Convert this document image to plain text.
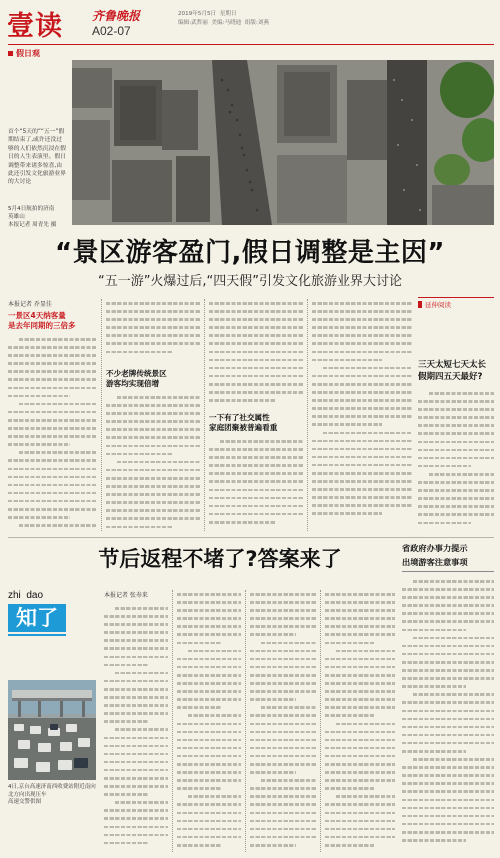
壹读 齐鲁晚报
A02-07
2019年5月5日  星期日
编辑:武哲丽  美编:马晓迪  组版:刘燕
假日观
首个“5天的”“五一”假期结束了,或许还没过够的人们依然沉浸在假日的人生表演里。假日调整带来诸多惊喜,由此还引发文化旅游业界的大讨论
5月4日航拍的济南
英雄山
本报记者 周青先 摄
“景区游客盈门,假日调整是主因”
“五一游”火爆过后,“四天假”引发文化旅游业界大讨论
本报记者 乔显佳
一景区4天纳客量
是去年同期的三倍多
不少老牌传统景区
游客均实现倍增
一下有了社交属性
家庭团聚被普遍看重
延伸阅读
三天太短七天太长
假期四五天最好?
节后返程不堵了?答案来了
zhi  dao
知了
4日,京台高速济南西收费站附近南向北方向出现压车
高速交警供图
本报记者 张寿来
省政府办事力提示
出境游客注意事项
